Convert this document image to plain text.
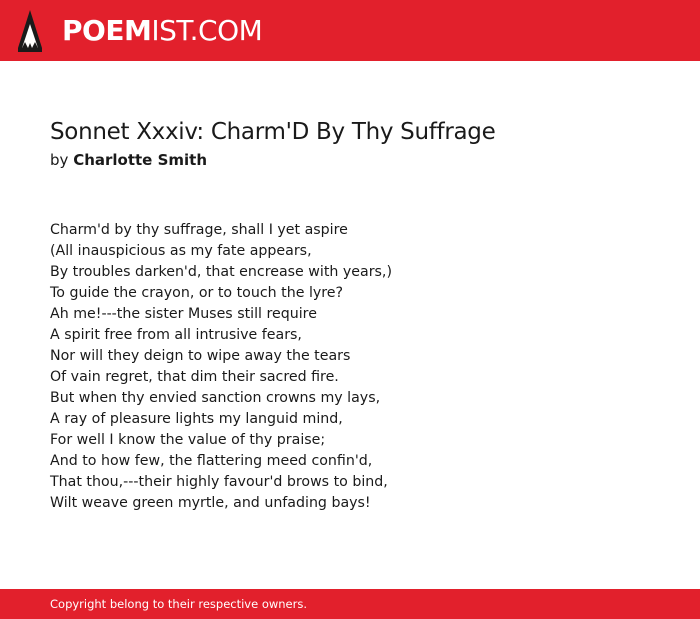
POEMIST.COM
Sonnet Xxxiv: Charm'D By Thy Suffrage
by Charlotte Smith
Charm'd by thy suffrage, shall I yet aspire
(All inauspicious as my fate appears,
By troubles darken'd, that encrease with years,)
To guide the crayon, or to touch the lyre?
Ah me!---the sister Muses still require
A spirit free from all intrusive fears,
Nor will they deign to wipe away the tears
Of vain regret, that dim their sacred fire.
But when thy envied sanction crowns my lays,
A ray of pleasure lights my languid mind,
For well I know the value of thy praise;
And to how few, the flattering meed confin'd,
That thou,---their highly favour'd brows to bind,
Wilt weave green myrtle, and unfading bays!
Copyright belong to their respective owners.
